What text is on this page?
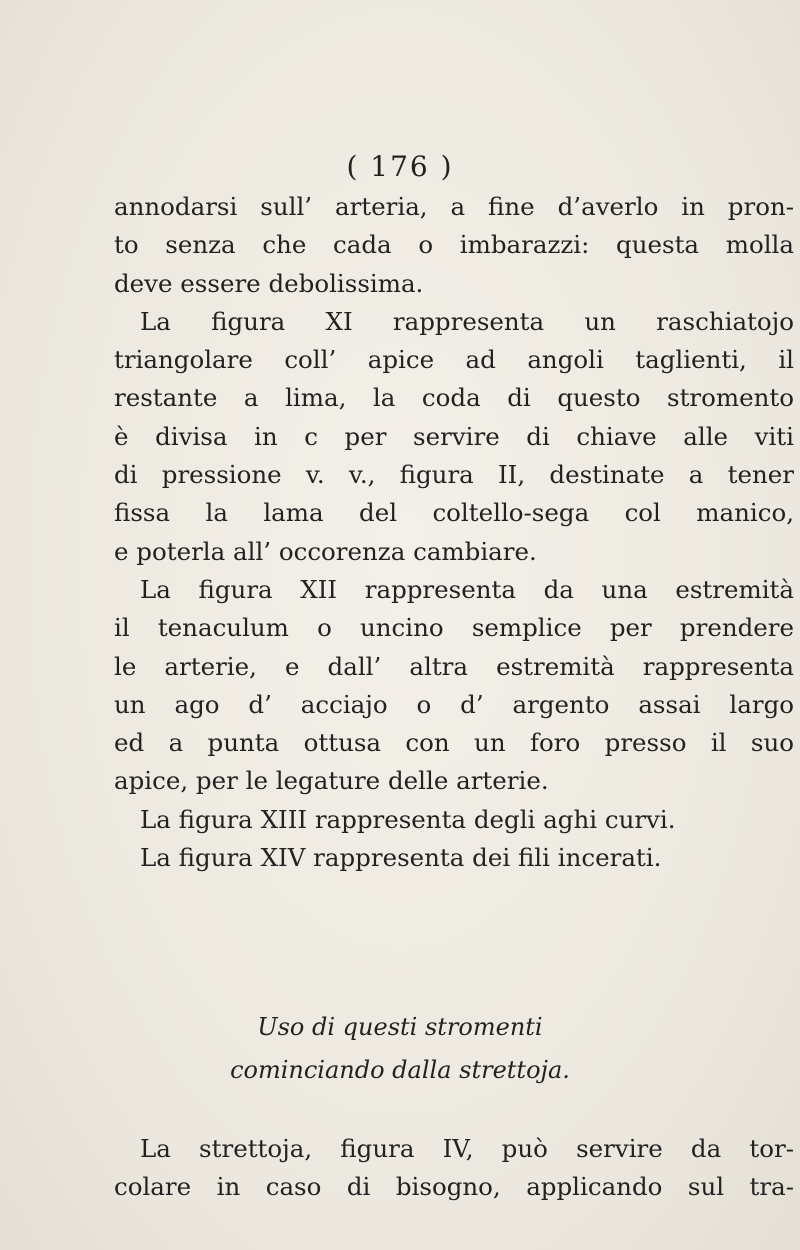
( 176 )
annodarsi sull’ arteria, a fine d’averlo in pron-
to senza che cada o imbarazzi: questa molla
deve essere debolissima.
La figura XI rappresenta un raschiatojo
triangolare coll’ apice ad angoli taglienti, il
restante a lima, la coda di questo stromento
è divisa in c per servire di chiave alle viti
di pressione v. v., figura II, destinate a tener
fissa la lama del coltello-sega col manico,
e poterla all’ occorenza cambiare.
La figura XII rappresenta da una estremità
il tenaculum o uncino semplice per prendere
le arterie, e dall’ altra estremità rappresenta
un ago d’ acciajo o d’ argento assai largo
ed a punta ottusa con un foro presso il suo
apice, per le legature delle arterie.
La figura XIII rappresenta degli aghi curvi.
La figura XIV rappresenta dei fili incerati.
Uso di questi stromenti
cominciando dalla strettoja.
La strettoja, figura IV, può servire da tor-
colare in caso di bisogno, applicando sul tra-
